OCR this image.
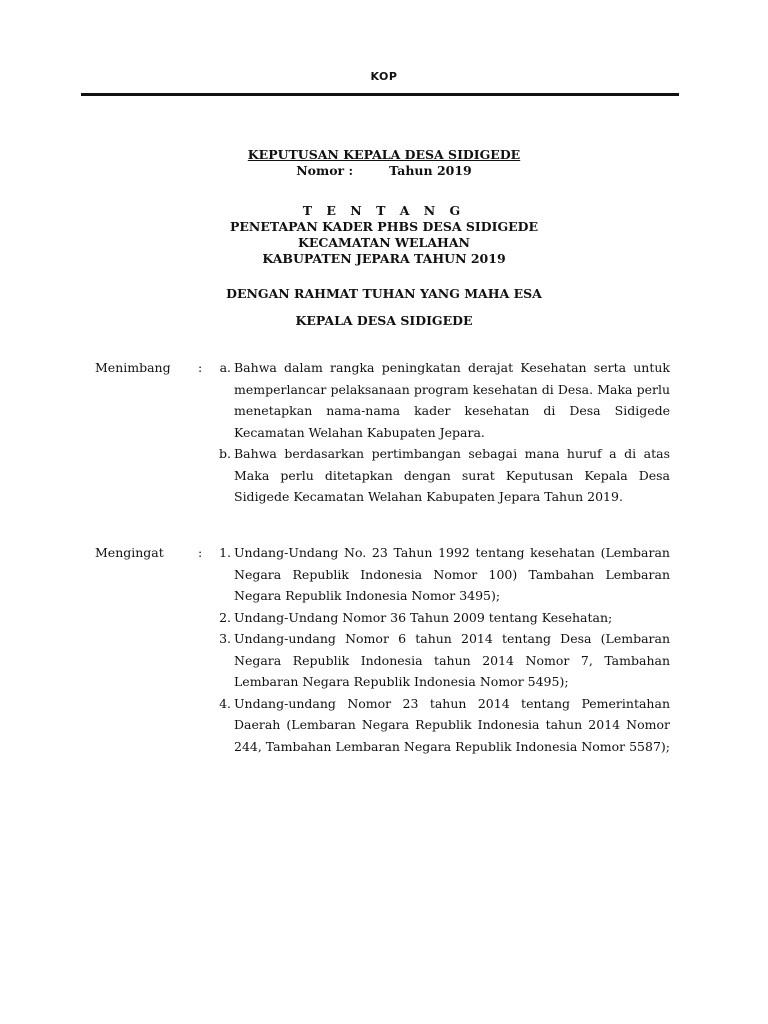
KOP
KEPUTUSAN KEPALA DESA SIDIGEDE
Nomor :	Tahun 2019
T E N T A N G
PENETAPAN KADER PHBS DESA SIDIGEDE
KECAMATAN WELAHAN
KABUPATEN JEPARA TAHUN 2019
DENGAN RAHMAT TUHAN YANG MAHA ESA
KEPALA DESA SIDIGEDE
Menimbang	:	a. Bahwa dalam rangka peningkatan derajat Kesehatan serta untuk memperlancar pelaksanaan program kesehatan di Desa. Maka perlu menetapkan nama-nama kader kesehatan di Desa Sidigede Kecamatan Welahan Kabupaten Jepara.
b. Bahwa berdasarkan pertimbangan sebagai mana huruf a di atas Maka perlu ditetapkan dengan surat Keputusan Kepala Desa Sidigede Kecamatan Welahan Kabupaten Jepara Tahun 2019.
Mengingat	:	1. Undang-Undang No. 23 Tahun 1992 tentang kesehatan (Lembaran Negara Republik Indonesia Nomor 100) Tambahan Lembaran Negara Republik Indonesia Nomor 3495);
2. Undang-Undang Nomor 36 Tahun 2009 tentang Kesehatan;
3. Undang-undang Nomor 6 tahun 2014 tentang Desa (Lembaran Negara Republik Indonesia tahun 2014 Nomor 7, Tambahan Lembaran Negara Republik Indonesia Nomor 5495);
4. Undang-undang Nomor 23 tahun 2014 tentang Pemerintahan Daerah (Lembaran Negara Republik Indonesia tahun 2014 Nomor 244, Tambahan Lembaran Negara Republik Indonesia Nomor 5587);
